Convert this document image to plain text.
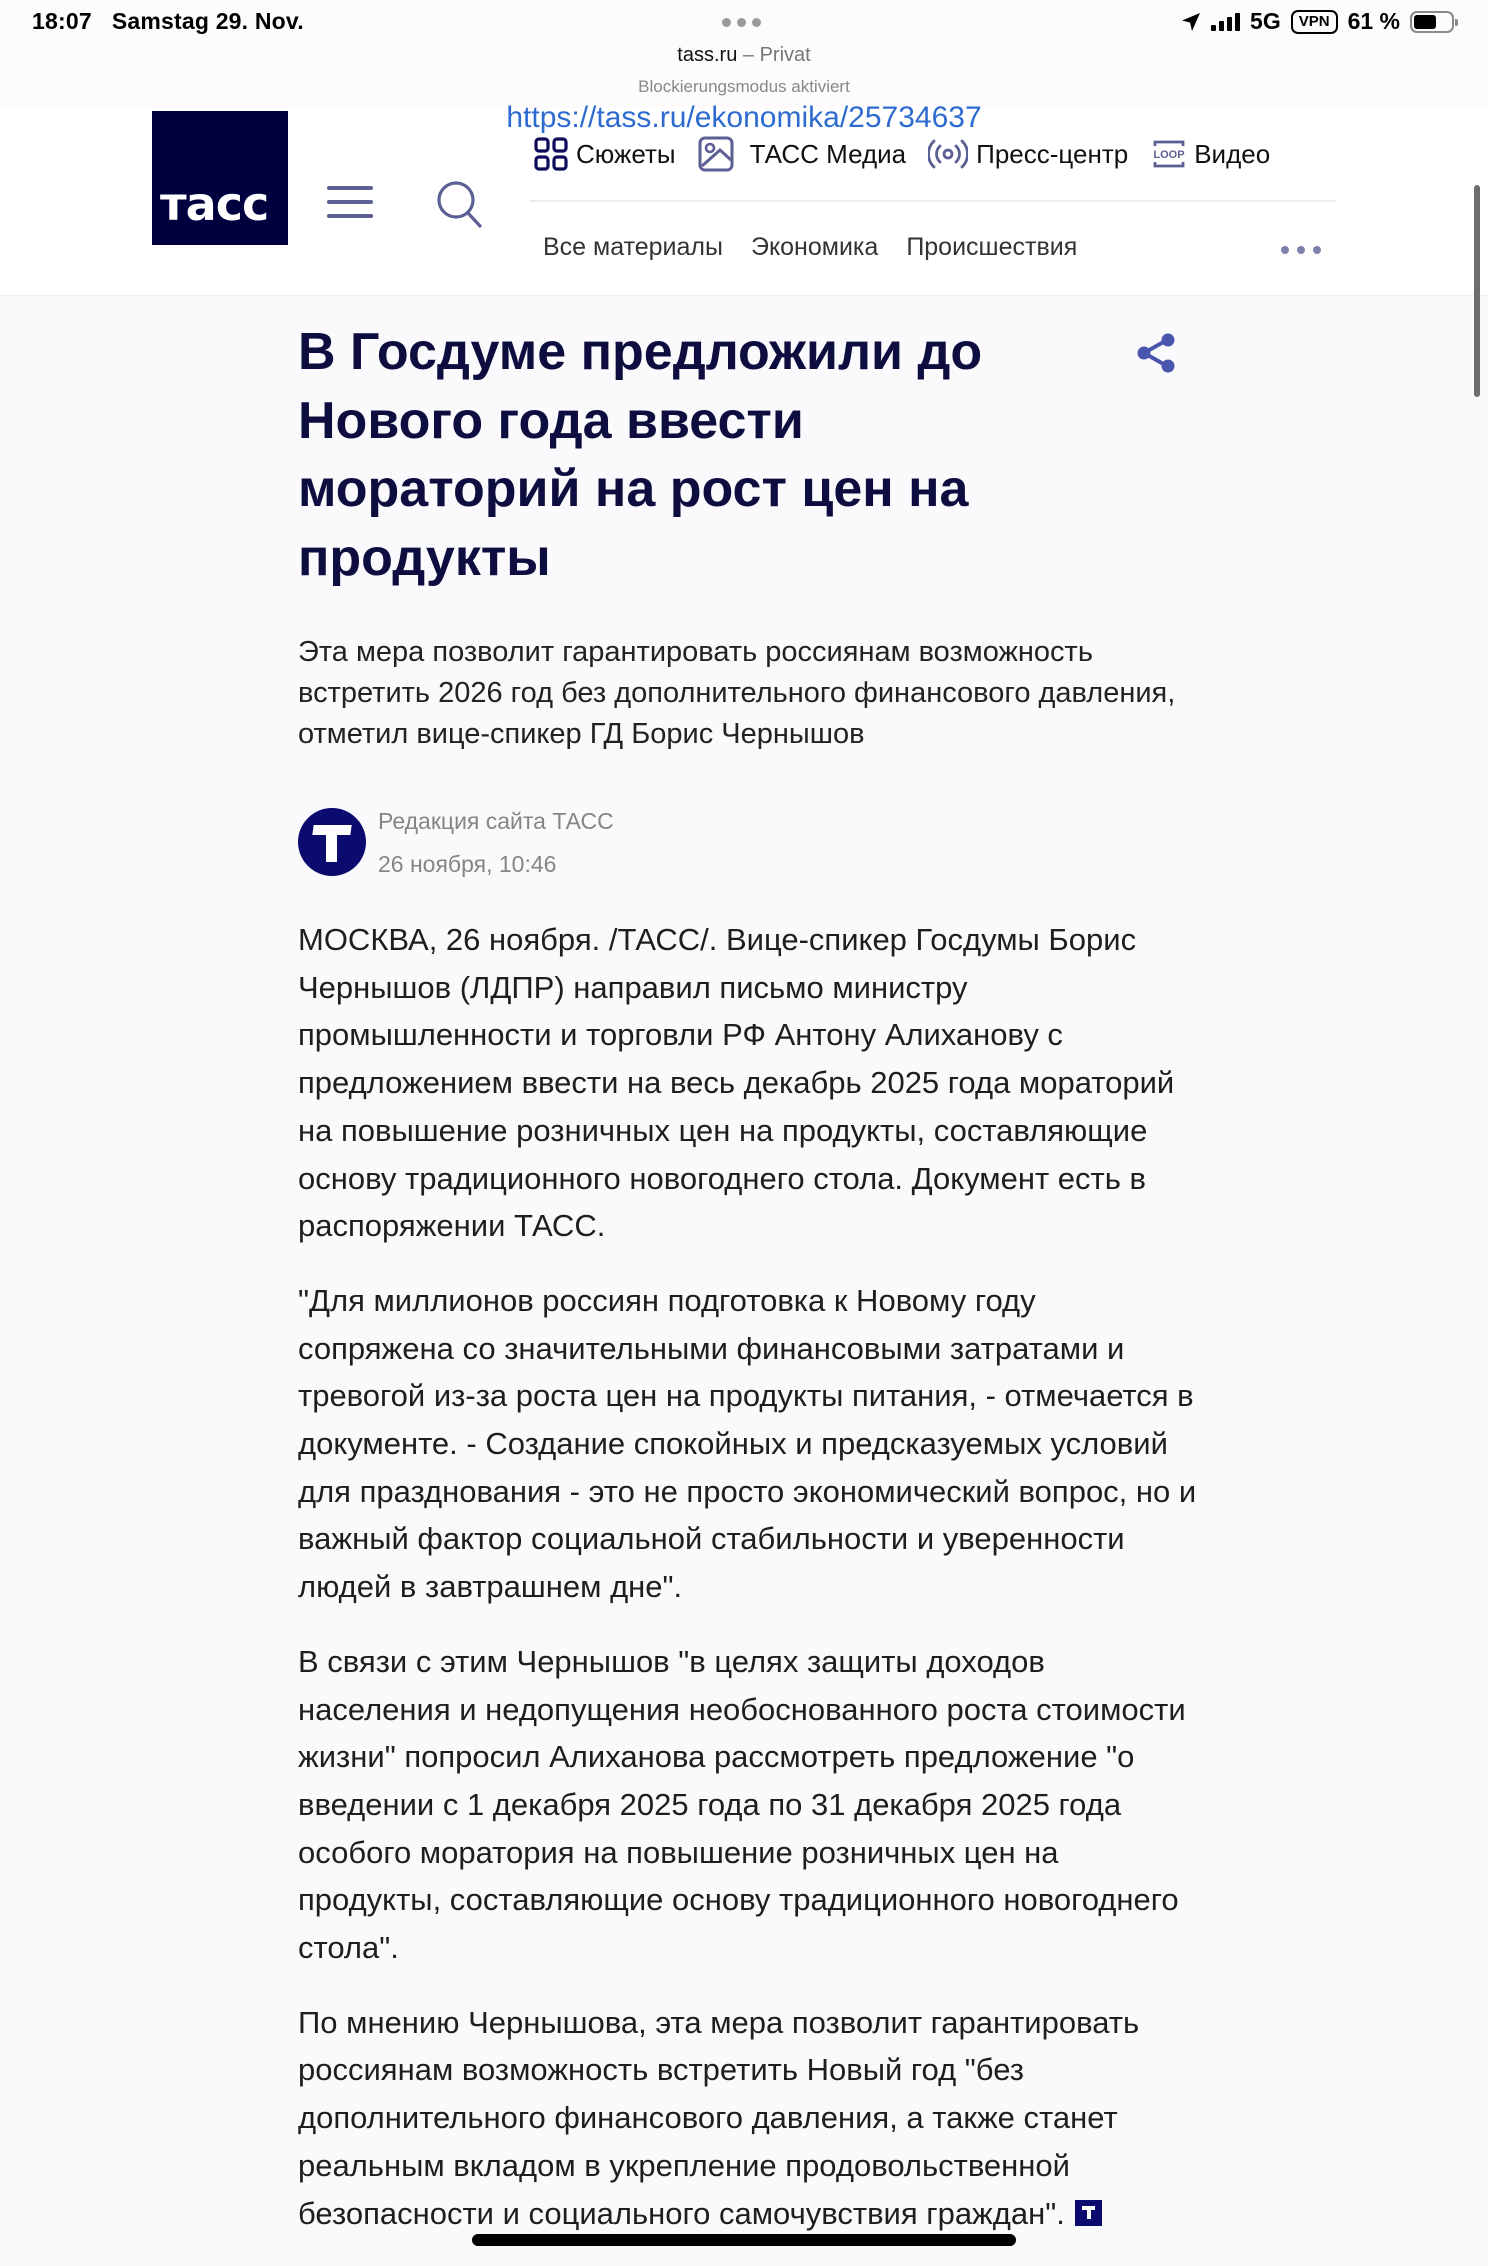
18:07 Samstag 29. Nov.	5G	VPN 61 %
tass.ru – Privat
Blockierungsmodus aktiviert
https://tass.ru/ekonomika/25734637
тасс
Сюжеты	ТАСС Медиа	Пресс-центр LOOP Видео
Все материалы Экономика Происшествия
В Госдуме предложили до Нового года ввести мораторий на рост цен на продукты

Эта мера позволит гарантировать россиянам возможность встретить 2026 год без дополнительного финансового давления, отметил вице-спикер ГД Борис Чернышов

Редакция сайта ТАСС
26 ноября, 10:46

МОСКВА, 26 ноября. /ТАСС/. Вице-спикер Госдумы Борис Чернышов (ЛДПР) направил письмо министру промышленности и торговли РФ Антону Алиханову с предложением ввести на весь декабрь 2025 года мораторий на повышение розничных цен на продукты, составляющие основу традиционного новогоднего стола. Документ есть в распоряжении ТАСС.

"Для миллионов россиян подготовка к Новому году сопряжена со значительными финансовыми затратами и тревогой из-за роста цен на продукты питания, - отмечается в документе. - Создание спокойных и предсказуемых условий для празднования - это не просто экономический вопрос, но и важный фактор социальной стабильности и уверенности людей в завтрашнем дне".

В связи с этим Чернышов "в целях защиты доходов населения и недопущения необоснованного роста стоимости жизни" попросил Алиханова рассмотреть предложение "о введении с 1 декабря 2025 года по 31 декабря 2025 года особого моратория на повышение розничных цен на продукты, составляющие основу традиционного новогоднего стола".

По мнению Чернышова, эта мера позволит гарантировать россиянам возможность встретить Новый год "без дополнительного финансового давления, а также станет реальным вкладом в укрепление продовольственной безопасности и социального самочувствия граждан".
